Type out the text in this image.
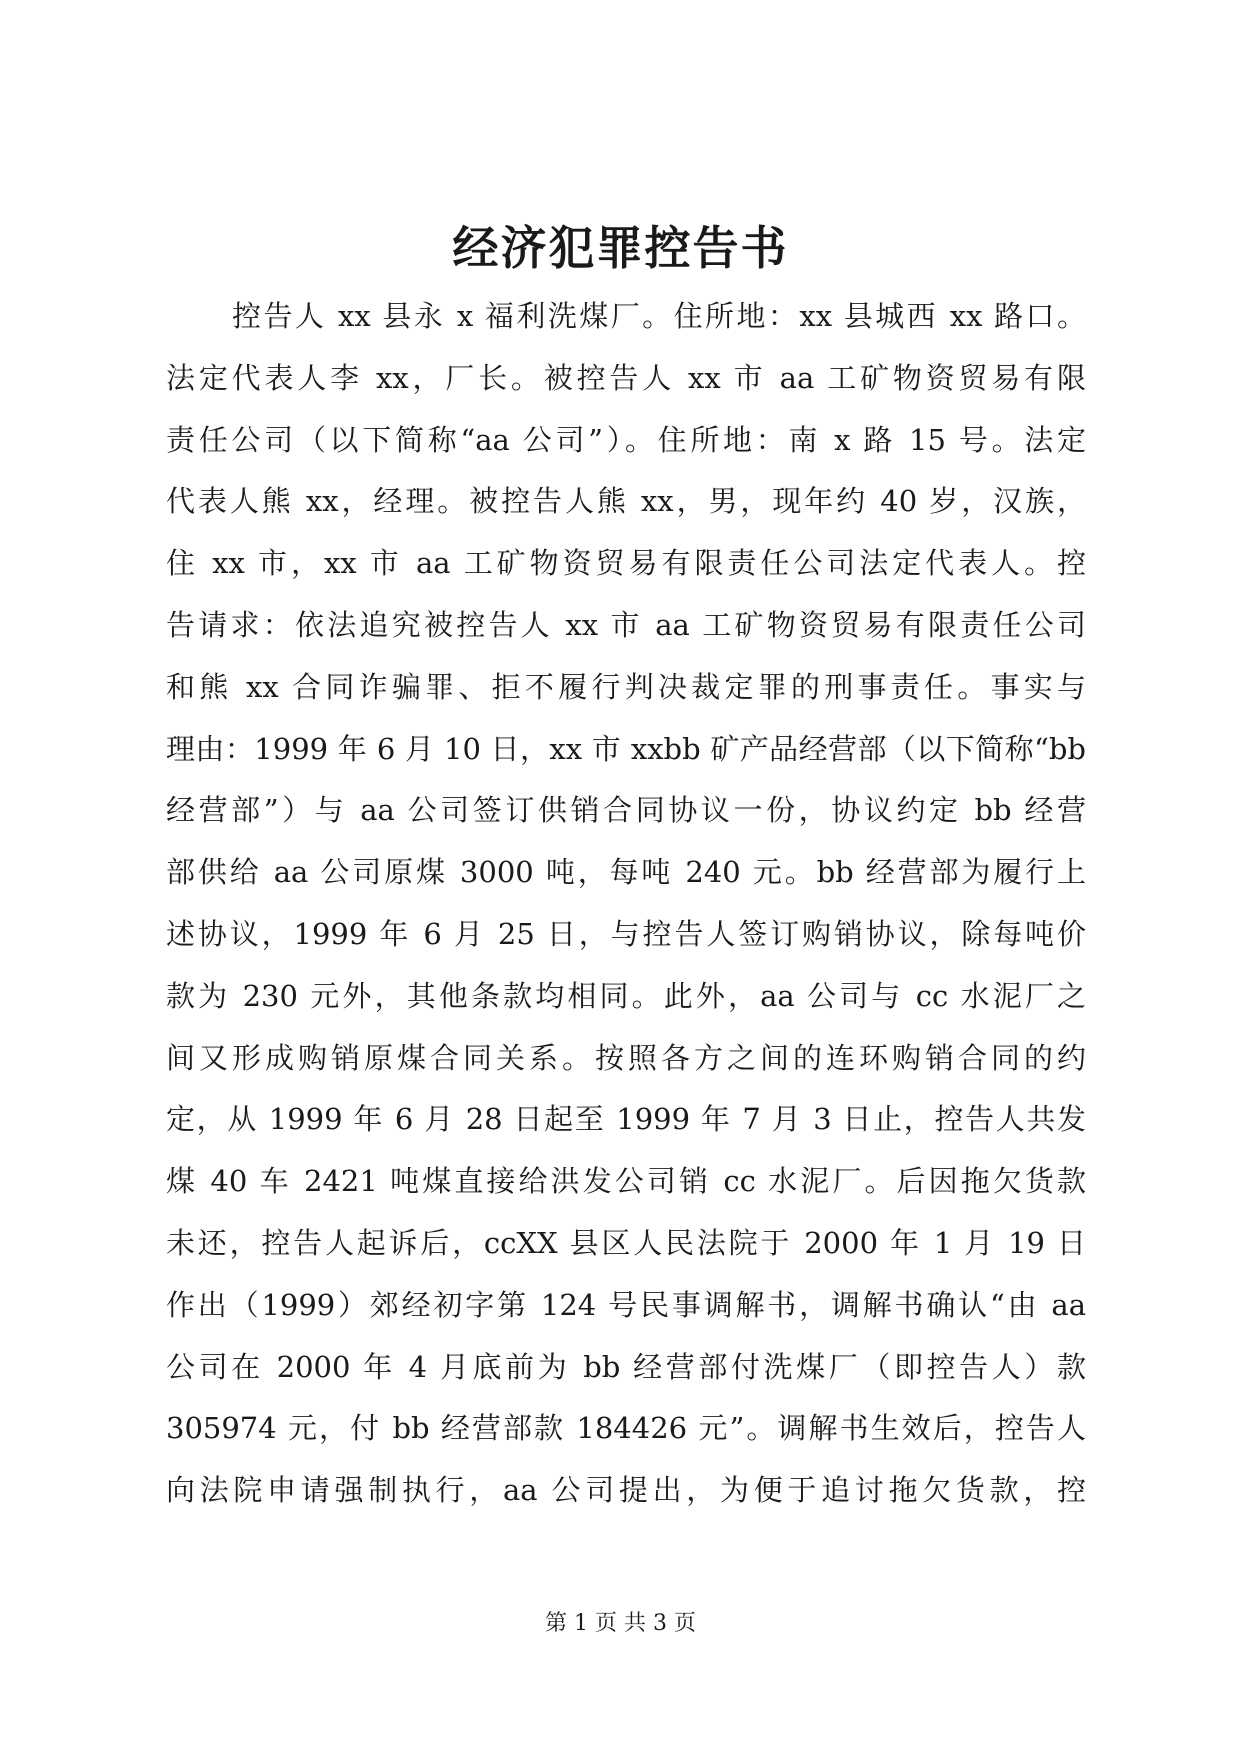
经济犯罪控告书
控告人 xx 县永 x 福利洗煤厂。住所地：xx 县城西 xx 路口。
法定代表人李 xx，厂长。被控告人 xx 市 aa 工矿物资贸易有限
责任公司（以下简称“aa 公司”）。住所地：南 x 路 15 号。法定
代表人熊 xx，经理。被控告人熊 xx，男，现年约 40 岁，汉族，
住 xx 市，xx 市 aa 工矿物资贸易有限责任公司法定代表人。控
告请求：依法追究被控告人 xx 市 aa 工矿物资贸易有限责任公司
和熊 xx 合同诈骗罪、拒不履行判决裁定罪的刑事责任。事实与
理由：1999 年 6 月 10 日，xx 市 xxbb 矿产品经营部（以下简称“bb
经营部”）与 aa 公司签订供销合同协议一份，协议约定 bb 经营
部供给 aa 公司原煤 3000 吨，每吨 240 元。bb 经营部为履行上
述协议，1999 年 6 月 25 日，与控告人签订购销协议，除每吨价
款为 230 元外，其他条款均相同。此外，aa 公司与 cc 水泥厂之
间又形成购销原煤合同关系。按照各方之间的连环购销合同的约
定，从 1999 年 6 月 28 日起至 1999 年 7 月 3 日止，控告人共发
煤 40 车 2421 吨煤直接给洪发公司销 cc 水泥厂。后因拖欠货款
未还，控告人起诉后，ccXX 县区人民法院于 2000 年 1 月 19 日
作出（1999）郊经初字第 124 号民事调解书，调解书确认“由 aa
公司在 2000 年 4 月底前为 bb 经营部付洗煤厂（即控告人）款
305974 元，付 bb 经营部款 184426 元”。调解书生效后，控告人
向法院申请强制执行，aa 公司提出，为便于追讨拖欠货款，控
第 1 页 共 3 页
